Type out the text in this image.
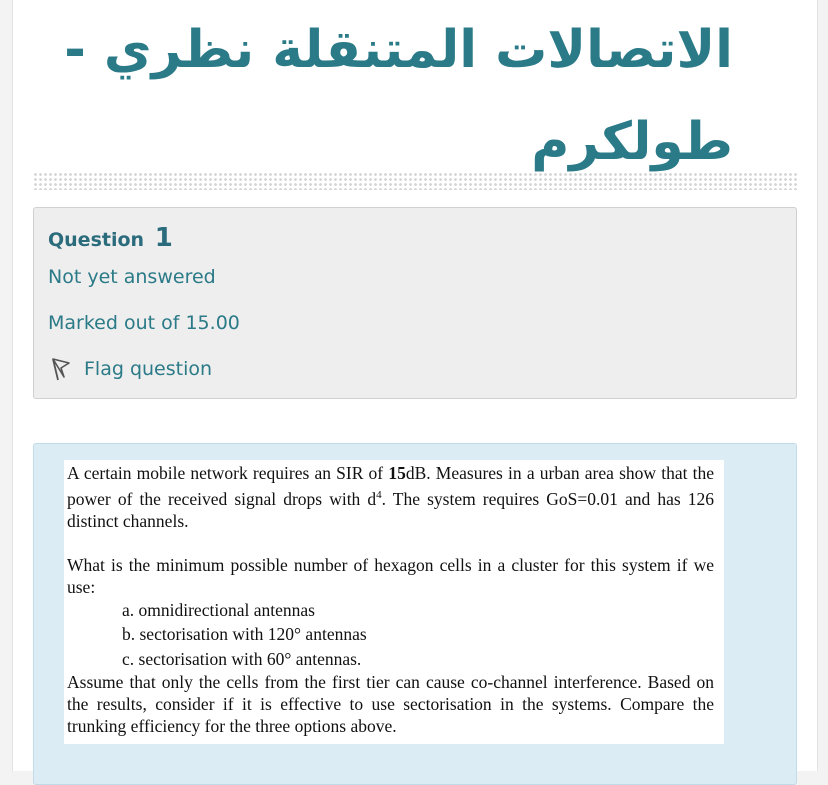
الاتصالات المتنقلة نظري -
طولكرم
Question 1
Not yet answered
Marked out of 15.00
Flag question

A certain mobile network requires an SIR of 15dB. Measures in a urban area show that the power of the received signal drops with $d^4$. The system requires GoS=0.01 and has 126 distinct channels.

What is the minimum possible number of hexagon cells in a cluster for this system if we use:

a. omnidirectional antennas
b. sectorisation with 120° antennas
c. sectorisation with 60° antennas.

Assume that only the cells from the first tier can cause co-channel interference. Based on the results, consider if it is effective to use sectorisation in the systems. Compare the trunking efficiency for the three options above.
